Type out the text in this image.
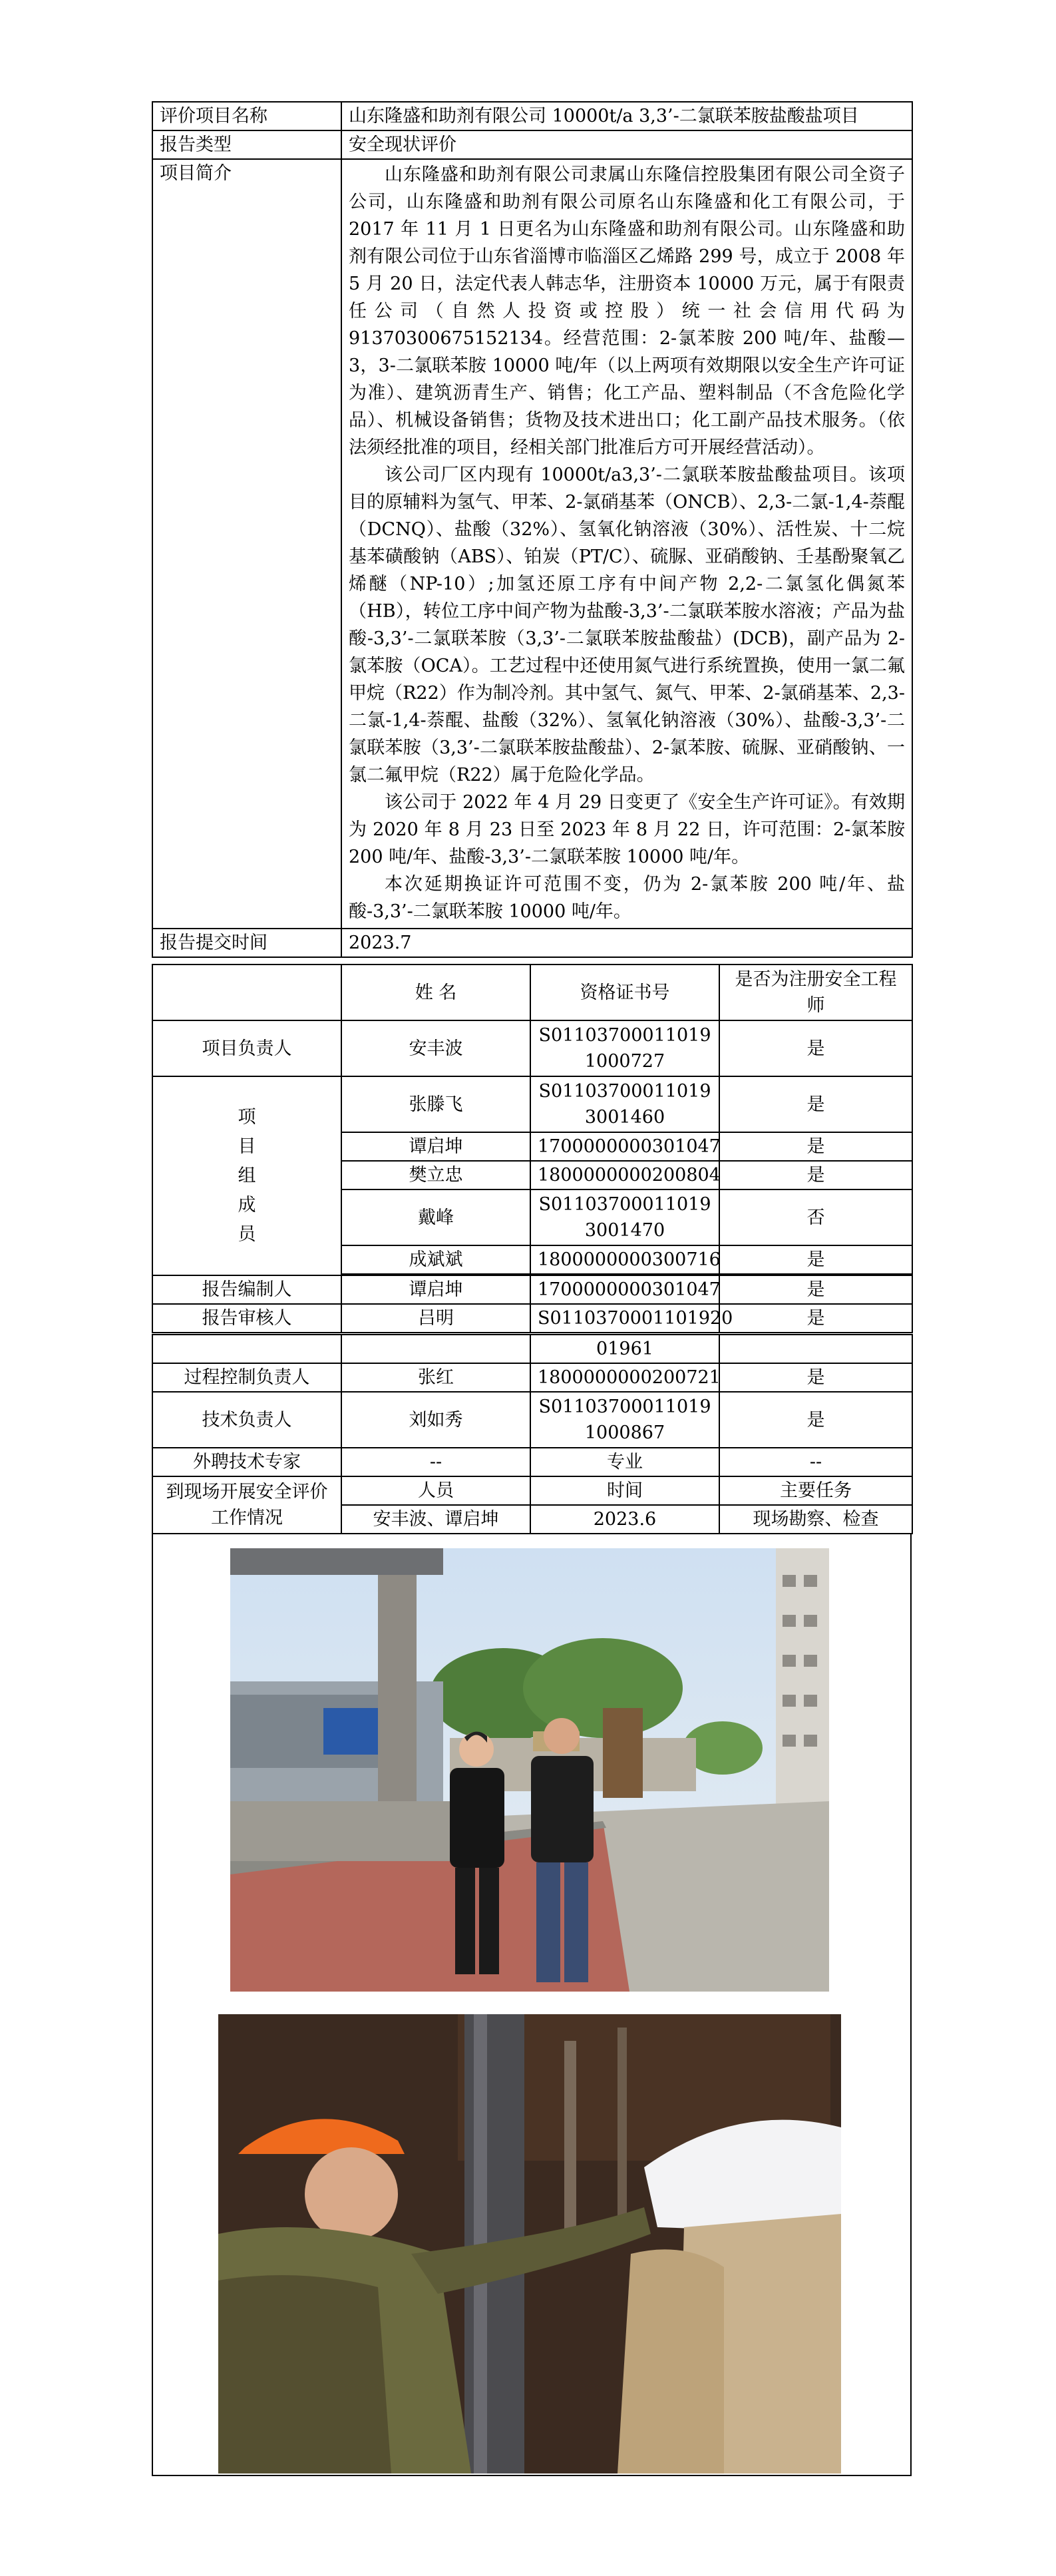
评价项目名称	山东隆盛和助剂有限公司 10000t/a 3,3’-二氯联苯胺盐酸盐项目
报告类型	安全现状评价
项目简介	山东隆盛和助剂有限公司隶属山东隆信控股集团有限公司全资子公司，山东隆盛和助剂有限公司原名山东隆盛和化工有限公司，于 2017 年 11 月 1 日更名为山东隆盛和助剂有限公司。山东隆盛和助剂有限公司位于山东省淄博市临淄区乙烯路 299 号，成立于 2008 年 5 月 20 日，法定代表人韩志华，注册资本 10000 万元，属于有限责任公司（自然人投资或控股）统一社会信用代码为 91370300675152134。经营范围：2-氯苯胺 200 吨/年、盐酸—3，3-二氯联苯胺 10000 吨/年（以上两项有效期限以安全生产许可证为准）、建筑沥青生产、销售；化工产品、塑料制品（不含危险化学品）、机械设备销售；货物及技术进出口；化工副产品技术服务。（依法须经批准的项目，经相关部门批准后方可开展经营活动）。
该公司厂区内现有 10000t/a3,3’-二氯联苯胺盐酸盐项目。该项目的原辅料为氢气、甲苯、2-氯硝基苯（ONCB）、2,3-二氯-1,4-萘醌（DCNQ）、盐酸（32%）、氢氧化钠溶液（30%）、活性炭、十二烷基苯磺酸钠（ABS）、铂炭（PT/C）、硫脲、亚硝酸钠、壬基酚聚氧乙烯醚（NP-10）;加氢还原工序有中间产物 2,2-二氯氢化偶氮苯（HB），转位工序中间产物为盐酸-3,3’-二氯联苯胺水溶液；产品为盐酸-3,3’-二氯联苯胺（3,3’-二氯联苯胺盐酸盐）(DCB)，副产品为 2-氯苯胺（OCA）。工艺过程中还使用氮气进行系统置换，使用一氯二氟甲烷（R22）作为制冷剂。其中氢气、氮气、甲苯、2-氯硝基苯、2,3-二氯-1,4-萘醌、盐酸（32%）、氢氧化钠溶液（30%）、盐酸-3,3’-二氯联苯胺（3,3’-二氯联苯胺盐酸盐）、2-氯苯胺、硫脲、亚硝酸钠、一氯二氟甲烷（R22）属于危险化学品。
该公司于 2022 年 4 月 29 日变更了《安全生产许可证》。有效期为 2020 年 8 月 23 日至 2023 年 8 月 22 日，许可范围：2-氯苯胺 200 吨/年、盐酸-3,3’-二氯联苯胺 10000 吨/年。
本次延期换证许可范围不变，仍为 2-氯苯胺 200 吨/年、盐酸-3,3’-二氯联苯胺 10000 吨/年。

报告提交时间	2023.7
	姓 名	资格证书号	是否为注册安全工程师
项目负责人	安丰波	S011037000110191000727	是

项目组成员	张滕飞	S011037000110193001460	是
	谭启坤	1700000000301047	是
	樊立忠	1800000000200804	是
	戴峰	S011037000110193001470	否
	成斌斌	1800000000300716	是

报告编制人	谭启坤	1700000000301047	是
报告审核人	吕明	S0110370001101920	是
		01961	
过程控制负责人	张红	1800000000200721	是
技术负责人	刘如秀	S011037000110191000867	是
外聘技术专家	--	专业	--
到现场开展安全评价工作情况	人员	时间	主要任务
	安丰波、谭启坤	2023.6	现场勘察、检查
